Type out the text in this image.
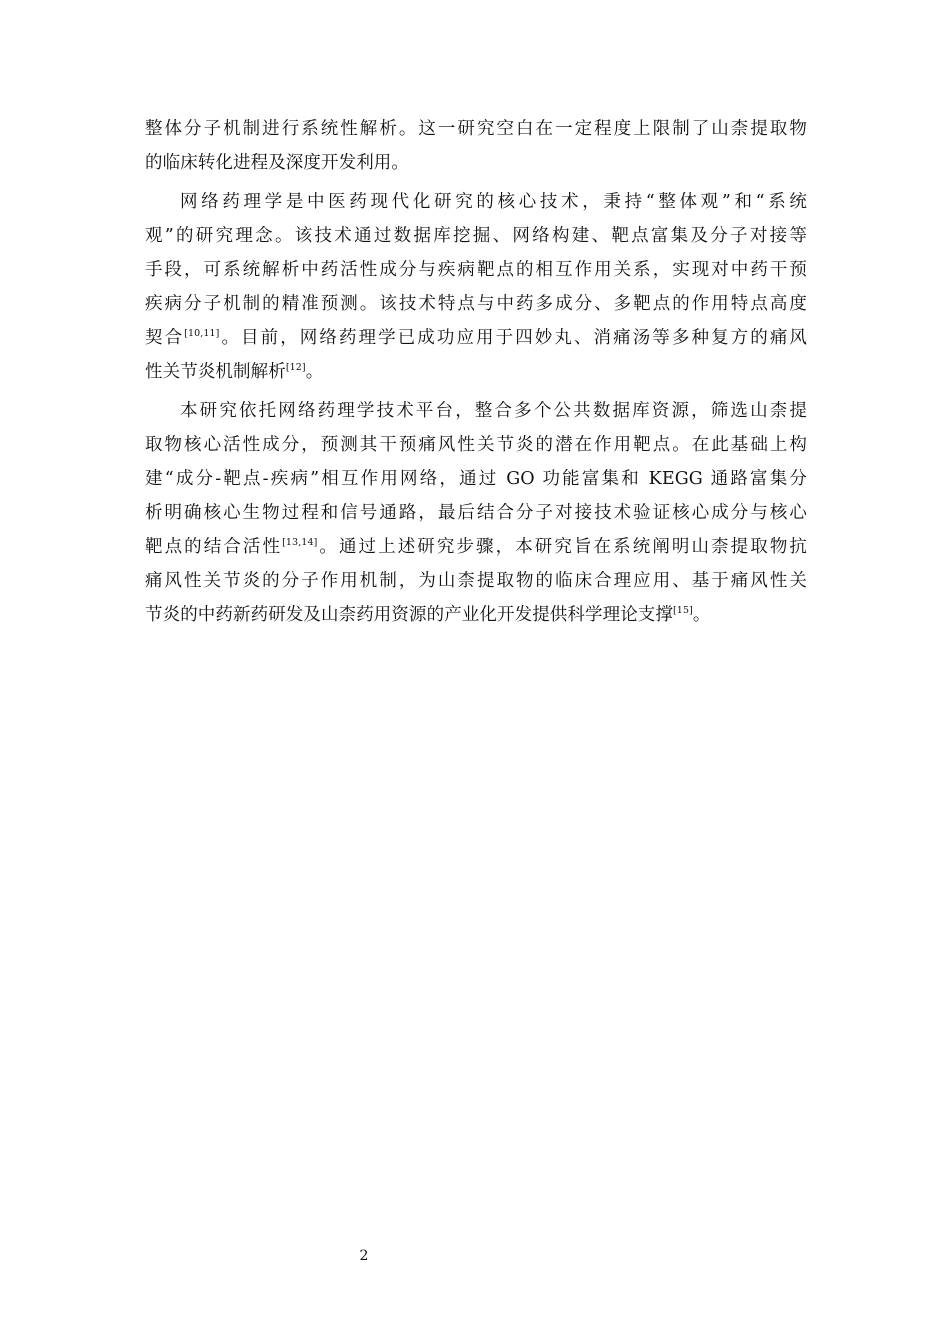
整体分子机制进行系统性解析。这一研究空白在一定程度上限制了山柰提取物
的临床转化进程及深度开发利用。
网络药理学是中医药现代化研究的核心技术，秉持“整体观”和“系统
观”的研究理念。该技术通过数据库挖掘、网络构建、靶点富集及分子对接等
手段，可系统解析中药活性成分与疾病靶点的相互作用关系，实现对中药干预
疾病分子机制的精准预测。该技术特点与中药多成分、多靶点的作用特点高度
契合[10,11]。目前，网络药理学已成功应用于四妙丸、消痛汤等多种复方的痛风
性关节炎机制解析[12]。
本研究依托网络药理学技术平台，整合多个公共数据库资源，筛选山柰提
取物核心活性成分，预测其干预痛风性关节炎的潜在作用靶点。在此基础上构
建“成分-靶点-疾病”相互作用网络，通过 GO 功能富集和 KEGG 通路富集分
析明确核心生物过程和信号通路，最后结合分子对接技术验证核心成分与核心
靶点的结合活性[13,14]。通过上述研究步骤，本研究旨在系统阐明山柰提取物抗
痛风性关节炎的分子作用机制，为山柰提取物的临床合理应用、基于痛风性关
节炎的中药新药研发及山柰药用资源的产业化开发提供科学理论支撑[15]。
2
